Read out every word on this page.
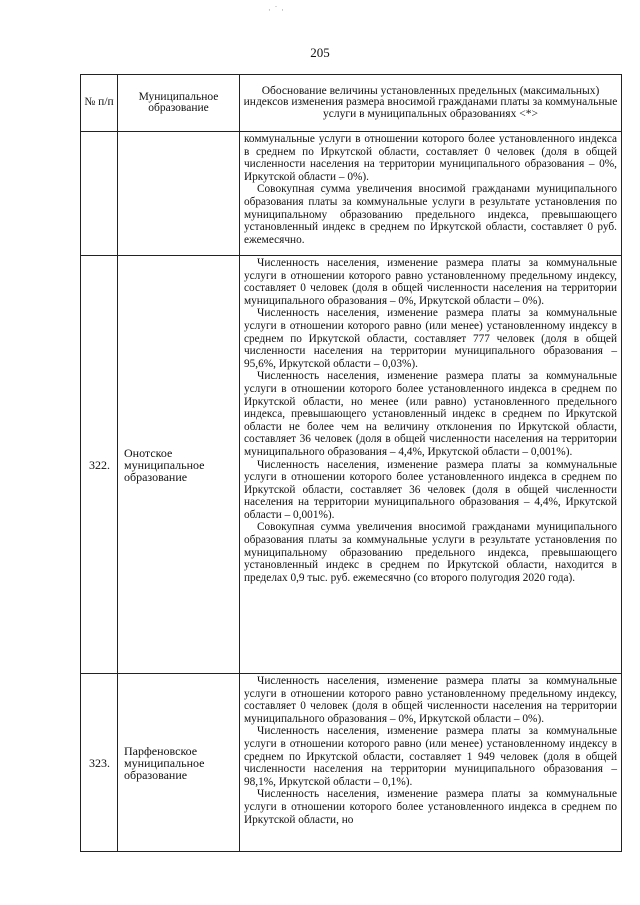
· ˙ ·
205
№ п/п	Муниципальное образование	Обоснование величины установленных предельных (максимальных) индексов изменения размера вносимой гражданами платы за коммунальные услуги в муниципальных образованиях <*>

		коммунальные услуги в отношении которого более установленного индекса в среднем по Иркутской области, составляет 0 человек (доля в общей численности населения на территории муниципального образования – 0%, Иркутской области – 0%).

Совокупная сумма увеличения вносимой гражданами муниципального образования платы за коммунальные услуги в результате установления по муниципальному образованию предельного индекса, превышающего установленный индекс в среднем по Иркутской области, составляет 0 руб. ежемесячно.

322.	Онотское муниципальное образование	Численность населения, изменение размера платы за коммунальные услуги в отношении которого равно установленному предельному индексу, составляет 0 человек (доля в общей численности населения на территории муниципального образования – 0%, Иркутской области – 0%).

Численность населения, изменение размера платы за коммунальные услуги в отношении которого равно (или менее) установленному индексу в среднем по Иркутской области, составляет 777 человек (доля в общей численности населения на территории муниципального образования – 95,6%, Иркутской области – 0,03%).

Численность населения, изменение размера платы за коммунальные услуги в отношении которого более установленного индекса в среднем по Иркутской области, но менее (или равно) установленного предельного индекса, превышающего установленный индекс в среднем по Иркутской области не более чем на величину отклонения по Иркутской области, составляет 36 человек (доля в общей численности населения на территории муниципального образования – 4,4%, Иркутской области – 0,001%).

Численность населения, изменение размера платы за коммунальные услуги в отношении которого более установленного индекса в среднем по Иркутской области, составляет 36 человек (доля в общей численности населения на территории муниципального образования – 4,4%, Иркутской области – 0,001%).

Совокупная сумма увеличения вносимой гражданами муниципального образования платы за коммунальные услуги в результате установления по муниципальному образованию предельного индекса, превышающего установленный индекс в среднем по Иркутской области, находится в пределах 0,9 тыс. руб. ежемесячно (со второго полугодия 2020 года).

323.	Парфеновское муниципальное образование	Численность населения, изменение размера платы за коммунальные услуги в отношении которого равно установленному предельному индексу, составляет 0 человек (доля в общей численности населения на территории муниципального образования – 0%, Иркутской области – 0%).

Численность населения, изменение размера платы за коммунальные услуги в отношении которого равно (или менее) установленному индексу в среднем по Иркутской области, составляет 1 949 человек (доля в общей численности населения на территории муниципального образования – 98,1%, Иркутской области – 0,1%).

Численность населения, изменение размера платы за коммунальные услуги в отношении которого более установленного индекса в среднем по Иркутской области, но
